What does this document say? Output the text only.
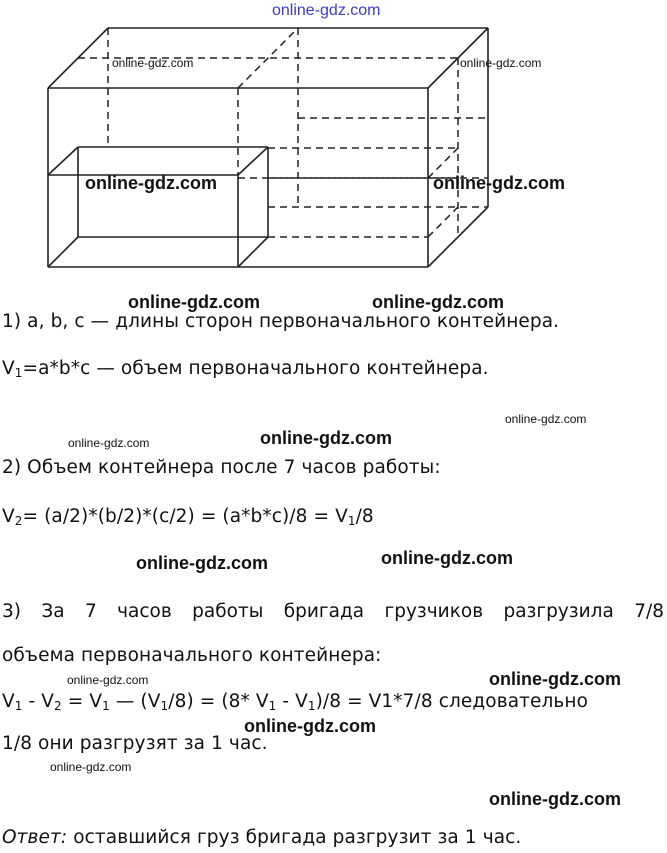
online-gdz.com
online-gdz.com	online-gdz.com
online-gdz.com	online-gdz.com
online-gdz.com	online-gdz.com
online-gdz.com
online-gdz.com	online-gdz.com
online-gdz.com	online-gdz.com
online-gdz.com
online-gdz.com
online-gdz.com
online-gdz.com
online-gdz.com
1) a, b, c — длины сторон первоначального контейнера.
$V_1=a*b*c$ — объем первоначального контейнера.
2) Объем контейнера после 7 часов работы:
$V_2= (a/2)*(b/2)*(c/2) = (a*b*c)/8 = V_1/8$
3) За 7 часов работы бригада грузчиков разгрузила 7/8
объема первоначального контейнера:
$V_1 - V_2 = V_1$ — $(V_1/8) = (8*$ $V_1 - V_1)/8 = V1*7/8$ следовательно
1/8 они разгрузят за 1 час.
Ответ: оставшийся груз бригада разгрузит за 1 час.
